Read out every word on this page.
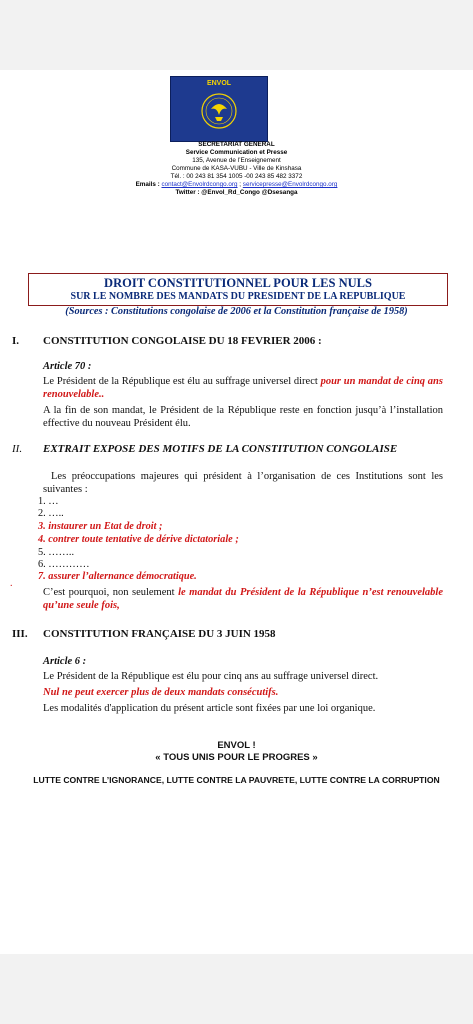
ENVOL
SECRETARIAT GENERAL
Service Communication et Presse
135, Avenue de l’Enseignement
Commune de KASA-VUBU - Ville de Kinshasa
Tél. : 00 243 81 354 1005 -00 243 85 482 3372
Emails : contact@Envolrdcongo.org ; servicepresse@Envolrdcongo.org
Twitter : @Envol_Rd_Congo @Dsesanga
DROIT CONSTITUTIONNEL POUR LES NULS
SUR LE NOMBRE DES MANDATS DU PRESIDENT DE LA REPUBLIQUE
(Sources : Constitutions congolaise de 2006 et la Constitution française de 1958)
I. CONSTITUTION CONGOLAISE DU 18 FEVRIER 2006 :
Article 70 :
Le Président de la République est élu au suffrage universel direct pour un mandat de cinq ans renouvelable..
A la fin de son mandat, le Président de la République reste en fonction jusqu’à l’installation effective du nouveau Président élu.
II. EXTRAIT EXPOSE DES MOTIFS DE LA CONSTITUTION CONGOLAISE
Les préoccupations majeures qui président à l’organisation de ces Institutions sont les suivantes :
1. …
2. …..
3. instaurer un Etat de droit ;
4. contrer toute tentative de dérive dictatoriale ;
5. ……..
6. …………
7. assurer l’alternance démocratique.
.
C’est pourquoi, non seulement le mandat du Président de la République n’est renouvelable qu’une seule fois,
III. CONSTITUTION FRANÇAISE DU 3 JUIN 1958
Article 6 :
Le Président de la République est élu pour cinq ans au suffrage universel direct.
Nul ne peut exercer plus de deux mandats consécutifs.
Les modalités d'application du présent article sont fixées par une loi organique.
ENVOL !
« TOUS UNIS POUR LE PROGRES »
LUTTE CONTRE L’IGNORANCE, LUTTE CONTRE LA PAUVRETE, LUTTE CONTRE LA CORRUPTION
